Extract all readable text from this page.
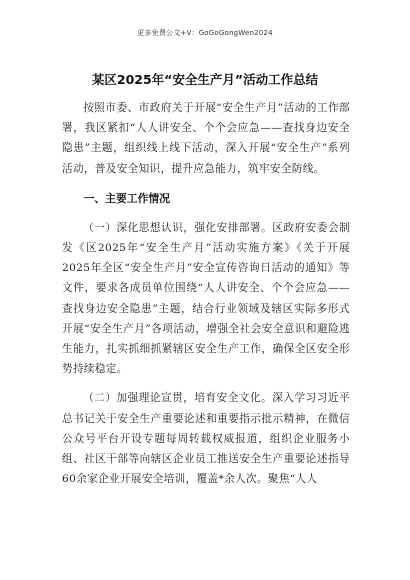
更多免费公文+V：GoGoGongWen2024
某区2025年“安全生产月”活动工作总结

按照市委、市政府关于开展“安全生产月”活动的工作部署，我区紧扣“人人讲安全、个个会应急——查找身边安全隐患”主题，组织线上线下活动，深入开展“安全生产”系列活动，普及安全知识，提升应急能力，筑牢安全防线。

一、主要工作情况

（一）深化思想认识，强化安排部署。区政府安委会制发《区2025年“安全生产月”活动实施方案》《关于开展2025年全区“安全生产月”安全宣传咨询日活动的通知》等文件，要求各成员单位围绕“人人讲安全、个个会应急——查找身边安全隐患”主题，结合行业领域及辖区实际多形式开展“安全生产月”各项活动，增强全社会安全意识和避险逃生能力，扎实抓细抓紧辖区安全生产工作，确保全区安全形势持续稳定。

（二）加强理论宣贯，培育安全文化。深入学习习近平总书记关于安全生产重要论述和重要指示批示精神，在微信公众号平台开设专题每周转载权威报道，组织企业服务小组、社区干部等向辖区企业员工推送安全生产重要论述指导60余家企业开展安全培训，覆盖*余人次。聚焦“人人
